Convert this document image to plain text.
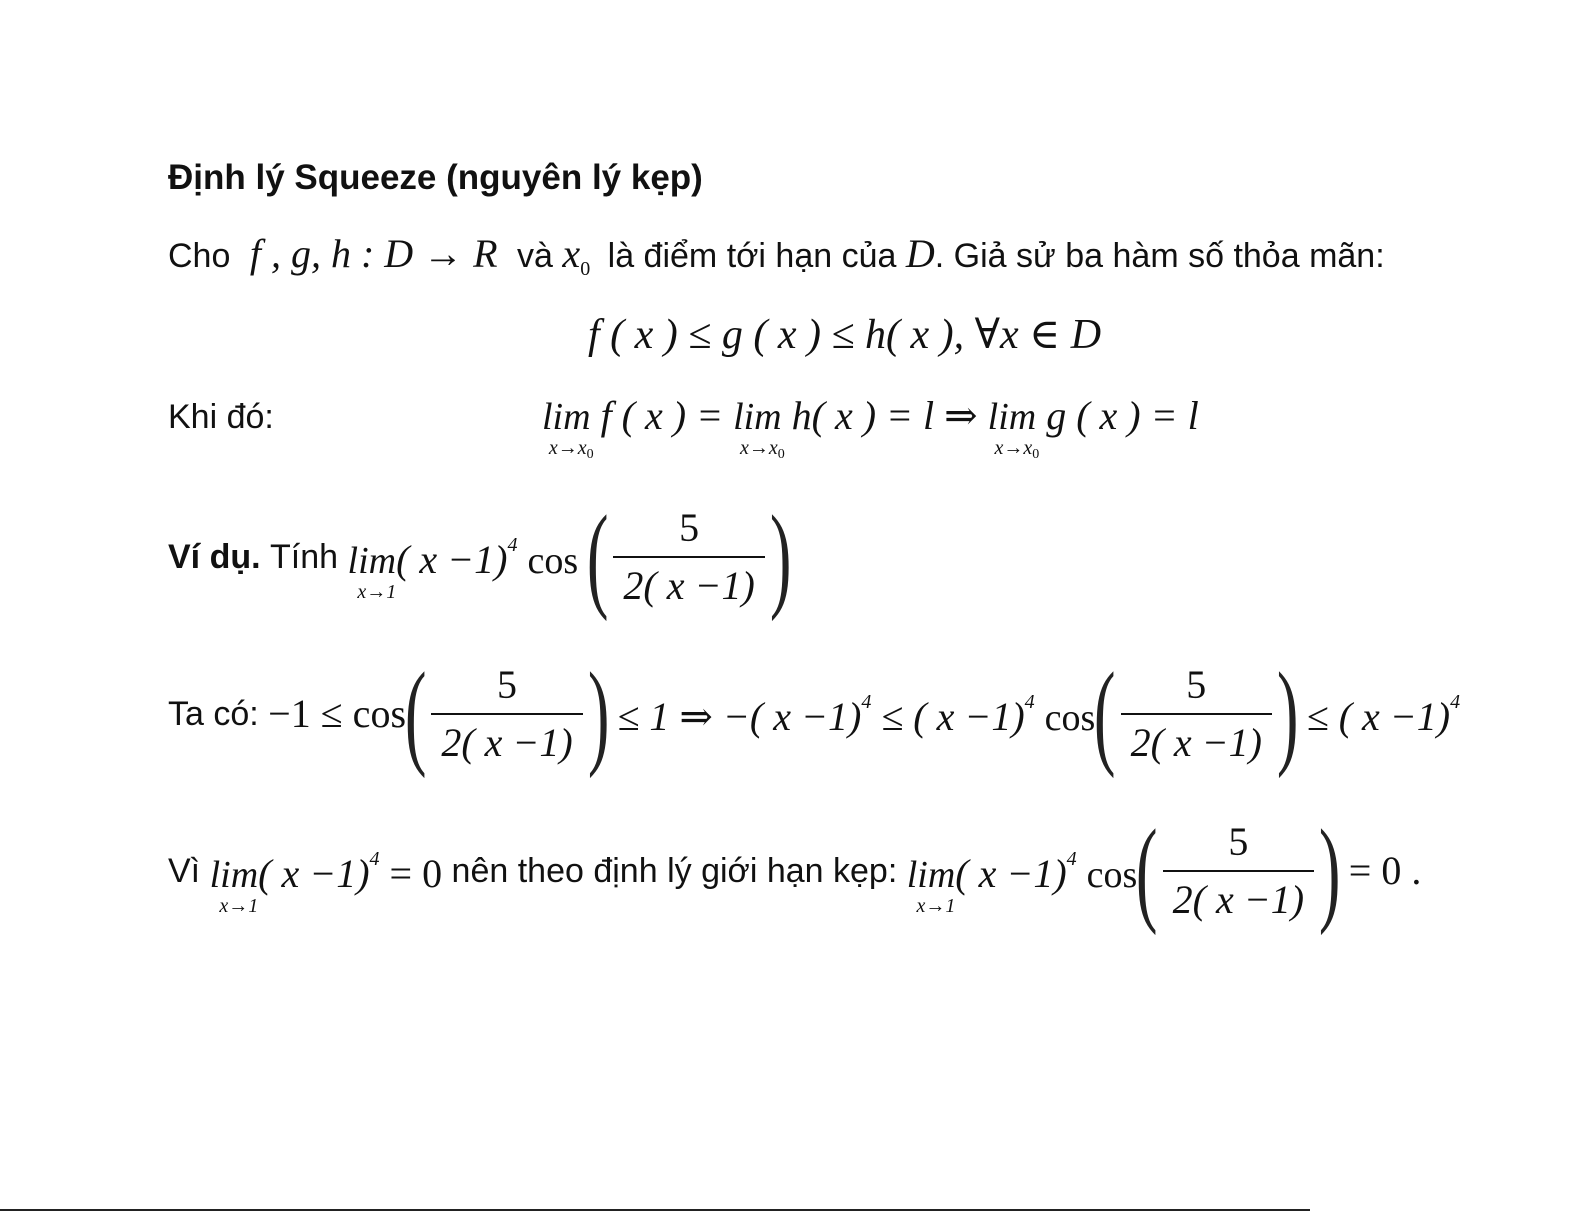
Định lý Squeeze (nguyên lý kẹp)
Cho f , g, h : D → R và $x_0$ là điểm tới hạn của D. Giả sử ba hàm số thỏa mãn:
f ( x ) ≤ g ( x ) ≤ h( x ), ∀x ∈ D
Khi đó:	lim
$x\to x_0$
f ( x ) = lim
$x\to x_0$
h( x ) = l ⇒ lim
$x\to x_0$
g ( x ) = l
Ví dụ. Tính lim
x→1
( x −1)$^4$ cos ( $\frac{5}{2( x -1)}$ )
Ta có: $-1 \le \cos( \frac{5}{2( x -1)}$ ) ≤ 1 ⇒ −( x −1)$^4$ ≤ ( x −1)$^4$ $\cos( \frac{5}{2( x -1)}$ ) ≤ ( x −1)$^4$
Vì lim
x→1
( x −1)$^4$ = 0 nên theo định lý giới hạn kẹp: lim
x→1
( x −1)$^4$ $\cos( \frac{5}{2( x -1)}$ ) = 0 .
